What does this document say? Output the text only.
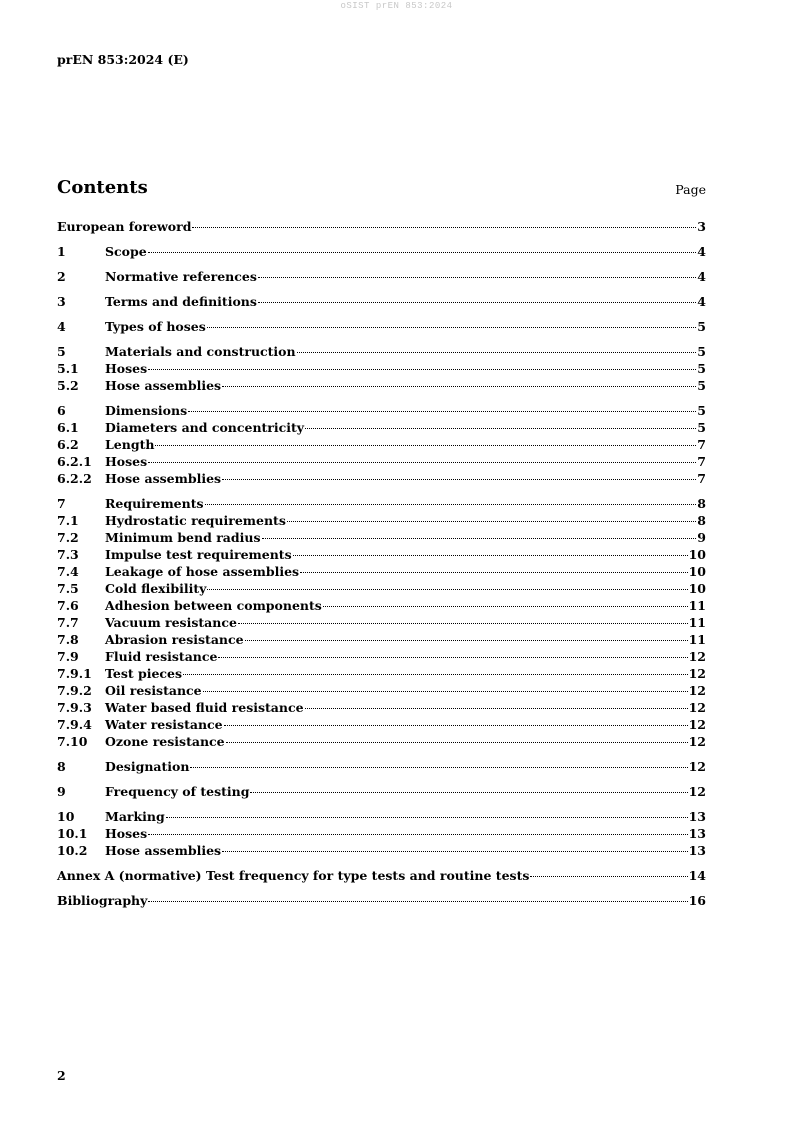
oSIST prEN 853:2024
prEN 853:2024 (E)
Contents	Page
European foreword	3
1	Scope	4
2	Normative references	4
3	Terms and definitions	4
4	Types of hoses	5
5	Materials and construction	5
5.1	Hoses	5
5.2	Hose assemblies	5
6	Dimensions	5
6.1	Diameters and concentricity	5
6.2	Length	7
6.2.1	Hoses	7
6.2.2	Hose assemblies	7
7	Requirements	8
7.1	Hydrostatic requirements	8
7.2	Minimum bend radius	9
7.3	Impulse test requirements	10
7.4	Leakage of hose assemblies	10
7.5	Cold flexibility	10
7.6	Adhesion between components	11
7.7	Vacuum resistance	11
7.8	Abrasion resistance	11
7.9	Fluid resistance	12
7.9.1	Test pieces	12
7.9.2	Oil resistance	12
7.9.3	Water based fluid resistance	12
7.9.4	Water resistance	12
7.10	Ozone resistance	12
8	Designation	12
9	Frequency of testing	12
10	Marking	13
10.1	Hoses	13
10.2	Hose assemblies	13
Annex A (normative) Test frequency for type tests and routine tests	14
Bibliography	16
2
